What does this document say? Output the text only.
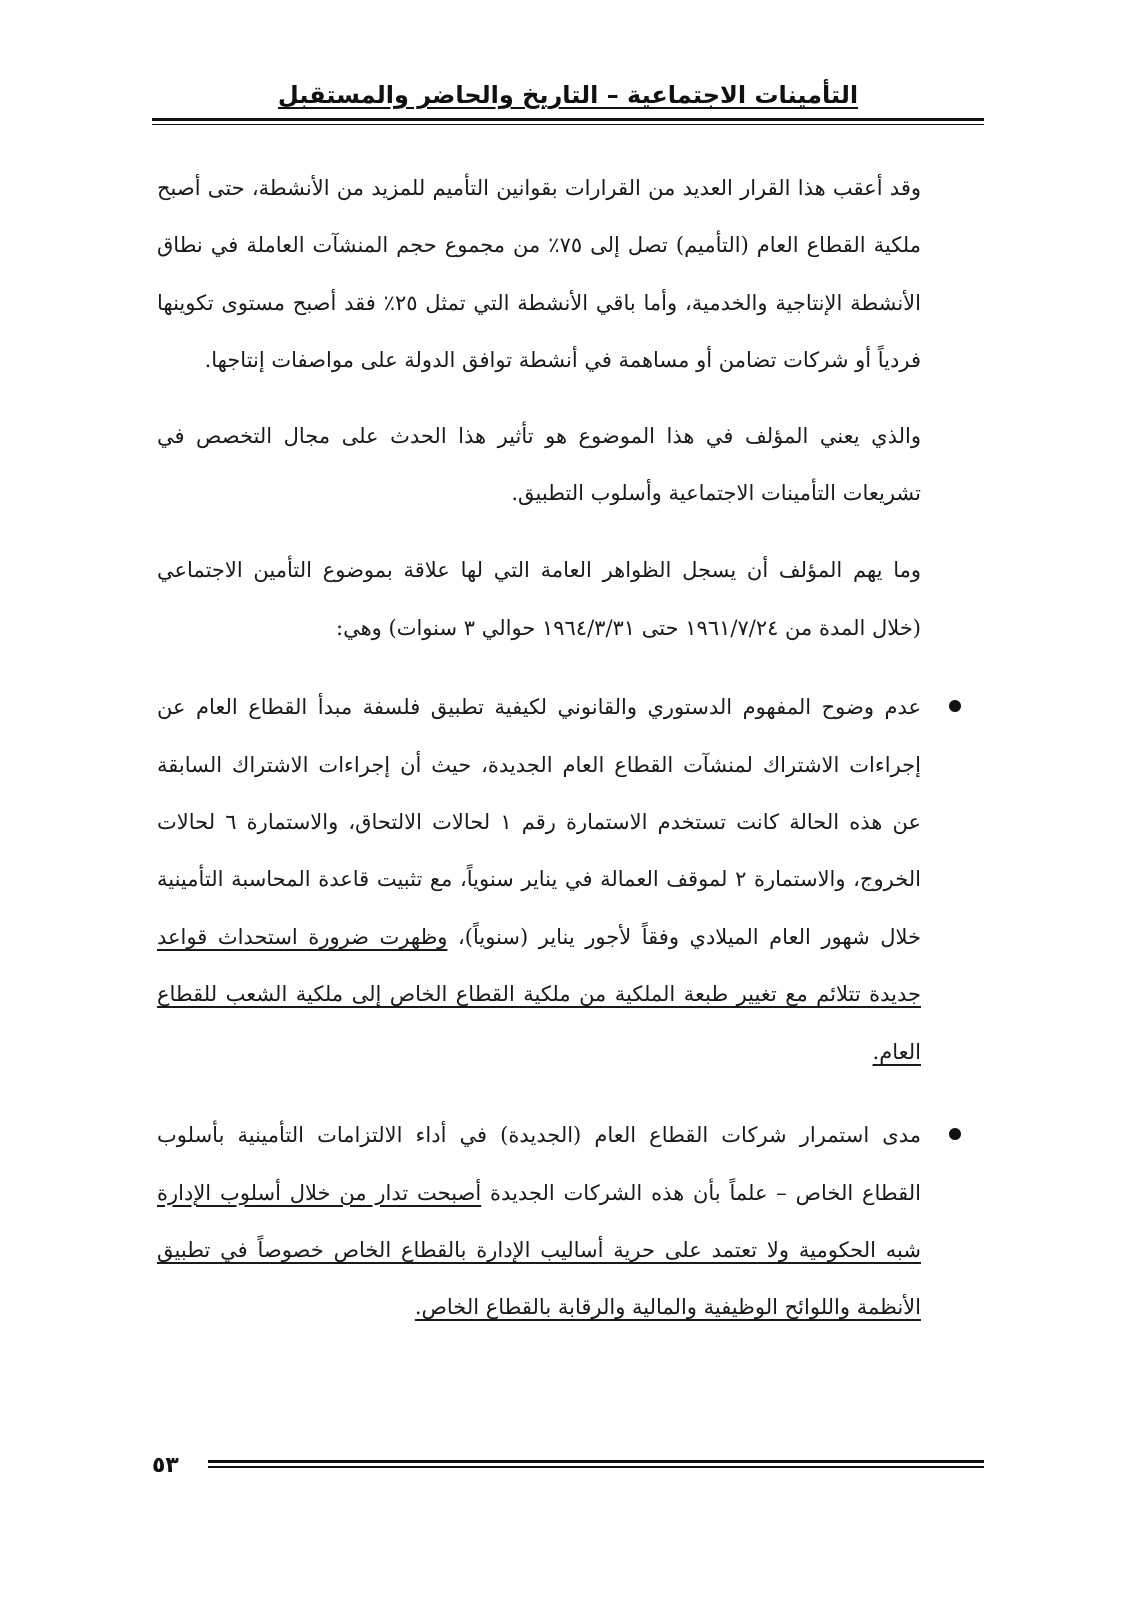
التأمينات الاجتماعية – التاريخ والحاضر والمستقبل

وقد أعقب هذا القرار العديد من القرارات بقوانين التأميم للمزيد من الأنشطة، حتى أصبح ملكية القطاع العام (التأميم) تصل إلى ٧٥٪ من مجموع حجم المنشآت العاملة في نطاق الأنشطة الإنتاجية والخدمية، وأما باقي الأنشطة التي تمثل ٢٥٪ فقد أصبح مستوى تكوينها فردياً أو شركات تضامن أو مساهمة في أنشطة توافق الدولة على مواصفات إنتاجها.

والذي يعني المؤلف في هذا الموضوع هو تأثير هذا الحدث على مجال التخصص في تشريعات التأمينات الاجتماعية وأسلوب التطبيق.

وما يهم المؤلف أن يسجل الظواهر العامة التي لها علاقة بموضوع التأمين الاجتماعي (خلال المدة من ١٩٦١/٧/٢٤ حتى ١٩٦٤/٣/٣١ حوالي ٣ سنوات) وهي:

عدم وضوح المفهوم الدستوري والقانوني لكيفية تطبيق فلسفة مبدأ القطاع العام عن إجراءات الاشتراك لمنشآت القطاع العام الجديدة، حيث أن إجراءات الاشتراك السابقة عن هذه الحالة كانت تستخدم الاستمارة رقم ١ لحالات الالتحاق، والاستمارة ٦ لحالات الخروج، والاستمارة ٢ لموقف العمالة في يناير سنوياً، مع تثبيت قاعدة المحاسبة التأمينية خلال شهور العام الميلادي وفقاً لأجور يناير (سنوياً)، وظهرت ضرورة استحداث قواعد جديدة تتلائم مع تغيير طبعة الملكية من ملكية القطاع الخاص إلى ملكية الشعب للقطاع العام.

مدى استمرار شركات القطاع العام (الجديدة) في أداء الالتزامات التأمينية بأسلوب القطاع الخاص – علماً بأن هذه الشركات الجديدة أصبحت تدار من خلال أسلوب الإدارة شبه الحكومية ولا تعتمد على حرية أساليب الإدارة بالقطاع الخاص خصوصاً في تطبيق الأنظمة واللوائح الوظيفية والمالية والرقابة بالقطاع الخاص.

٥٣
